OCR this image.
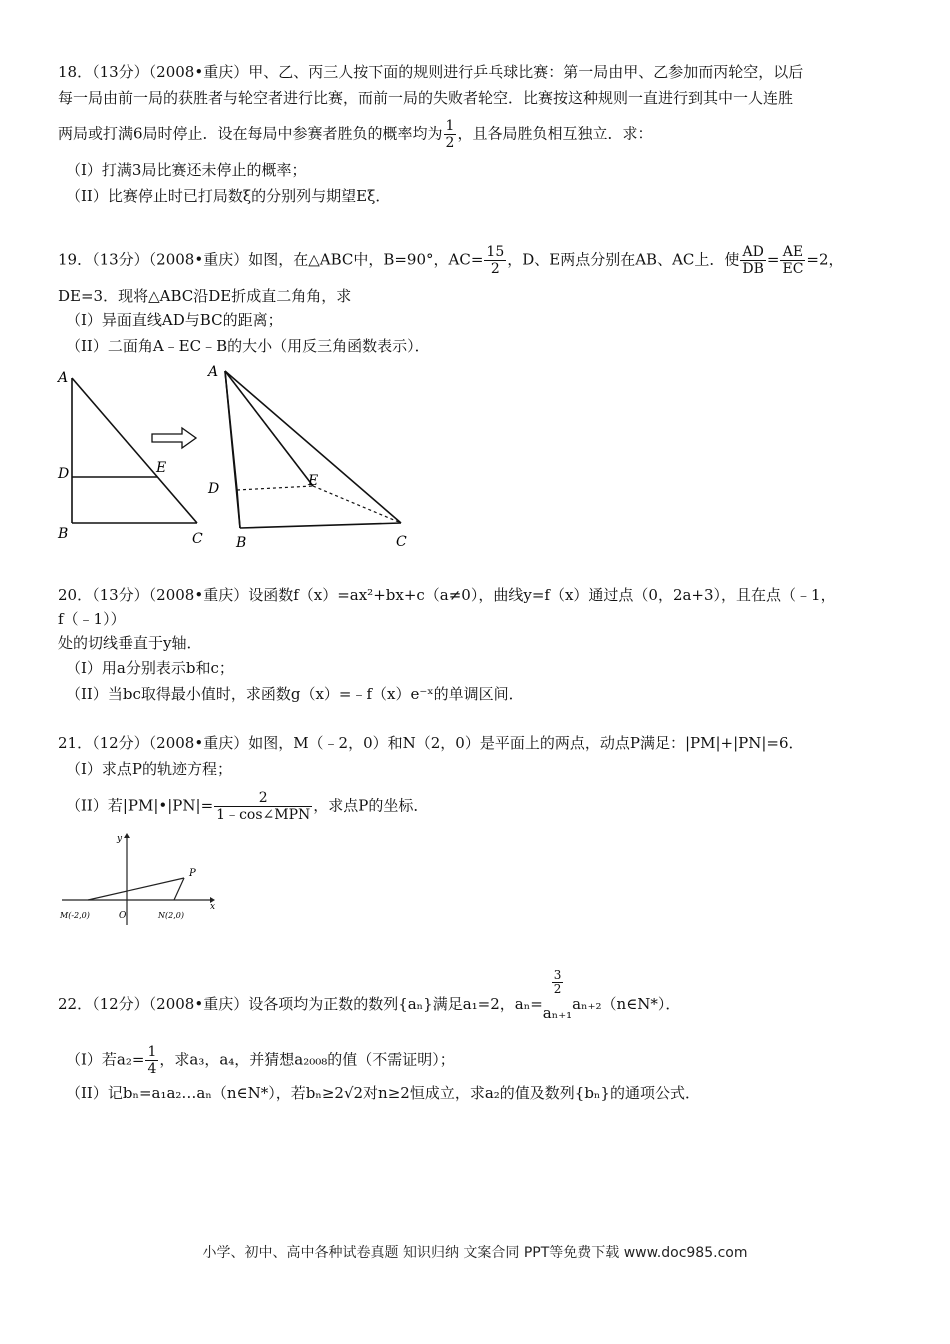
18．（13分）（2008•重庆）甲、乙、丙三人按下面的规则进行乒乓球比赛：第一局由甲、乙参加而丙轮空，以后
每一局由前一局的获胜者与轮空者进行比赛，而前一局的失败者轮空．比赛按这种规则一直进行到其中一人连胜
两局或打满6局时停止．设在每局中参赛者胜负的概率均为 $\frac{1}{2}$ ，且各局胜负相互独立．求：
（I）打满3局比赛还未停止的概率；
（II）比赛停止时已打局数ξ的分别列与期望Eξ．
19．（13分）（2008•重庆）如图，在△ABC中，B=90°，$AC= \frac{15}{2}$ ，D、E两点分别在AB、AC上．使 $\frac{AD}{DB} = \frac{AE}{EC} =2$，
DE=3．现将△ABC沿DE折成直二角角，求
（I）异面直线AD与BC的距离；
（II）二面角A﹣EC﹣B的大小（用反三角函数表示）．
A
D	E
B	C
A
D	E
B	C
20．（13分）（2008•重庆）设函数f（x）=ax²+bx+c（a≠0），曲线y=f（x）通过点（0，2a+3），且在点（﹣1，
f（﹣1））
处的切线垂直于y轴．
（I）用a分别表示b和c；
（II）当bc取得最小值时，求函数g（x）=﹣f（x）e⁻ˣ的单调区间．
21．（12分）（2008•重庆）如图，M（﹣2，0）和N（2，0）是平面上的两点，动点P满足：|PM|+|PN|=6．
（I）求点P的轨迹方程；
（II）若|PM|•|PN|= $\frac{2}{\text{1﹣cos∠MPN}}$ ，求点P的坐标．
y
x
P
O
M(-2,0)	N(2,0)
22．（12分）（2008•重庆）设各项均为正数的数列{aₙ}满足a₁=2，aₙ=
$\frac{3}{2}$
aₙ₊₁aₙ₊₂（n∈N*）．
（I）若$a_2= \frac{1}{4}$ ，求a₃，a₄，并猜想a₂₀₀₈的值（不需证明）；
（II）记bₙ=a₁a₂…aₙ（n∈N*），若bₙ≥2√2对n≥2恒成立，求a₂的值及数列{bₙ}的通项公式．
小学、初中、高中各种试卷真题 知识归纳 文案合同 PPT等免费下载 www.doc985.com
